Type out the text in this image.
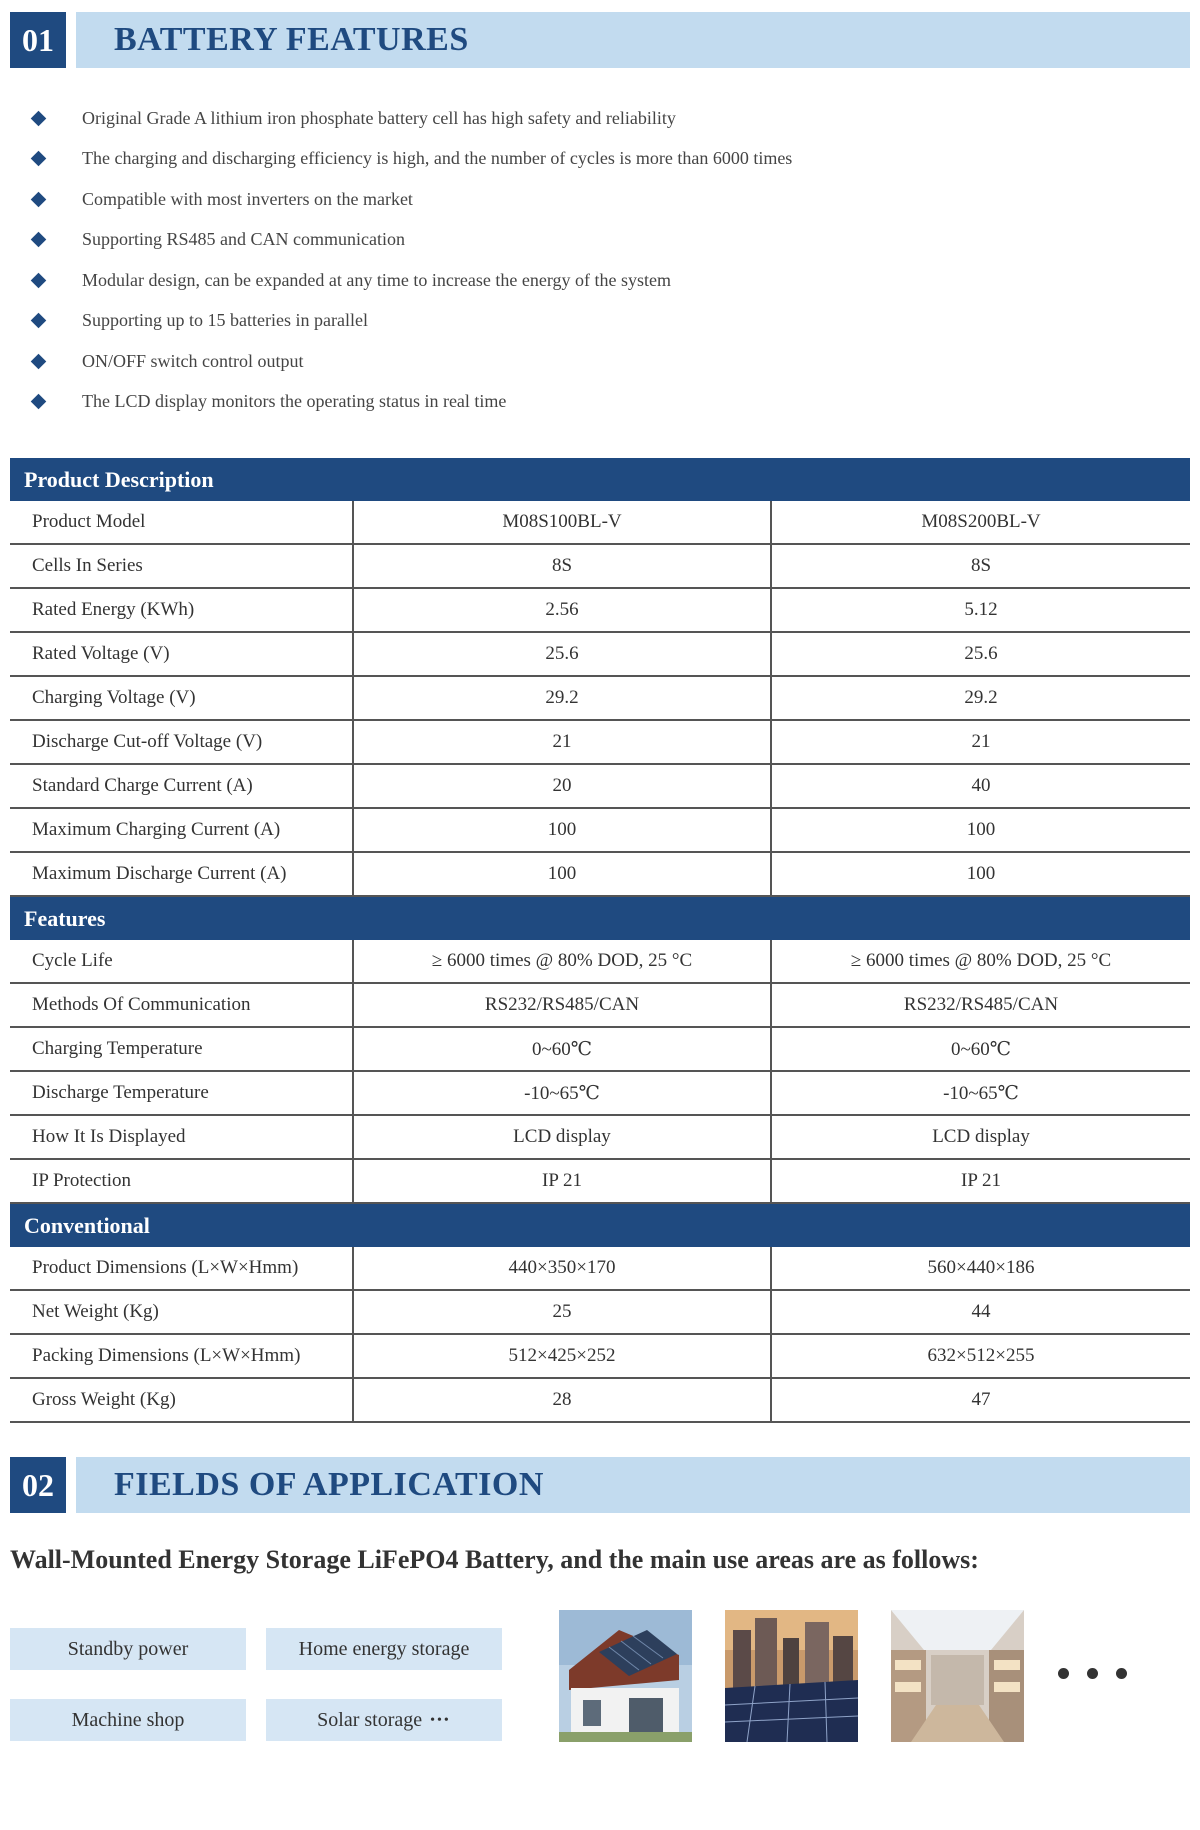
01	BATTERY FEATURES
Original Grade A lithium iron phosphate battery cell has high safety and reliability
The charging and discharging efficiency is high, and the number of cycles is more than 6000 times
Compatible with most inverters on the market
Supporting RS485 and CAN communication
Modular design, can be expanded at any time to increase the energy of the system
Supporting up to 15 batteries in parallel
ON/OFF switch control output
The LCD display monitors the operating status in real time
Product Description		
Product Model	M08S100BL-V	M08S200BL-V
Cells In Series	8S	8S
Rated Energy (KWh)	2.56	5.12
Rated Voltage (V)	25.6	25.6
Charging Voltage (V)	29.2	29.2
Discharge Cut-off Voltage (V)	21	21
Standard Charge Current (A)	20	40
Maximum Charging Current (A)	100	100
Maximum Discharge Current (A)	100	100
Features		
Cycle Life	≥ 6000 times @ 80% DOD, 25 °C	≥ 6000 times @ 80% DOD, 25 °C
Methods Of Communication	RS232/RS485/CAN	RS232/RS485/CAN
Charging Temperature	0~60℃	0~60℃
Discharge Temperature	-10~65℃	-10~65℃
How It Is Displayed	LCD display	LCD display
IP Protection	IP 21	IP 21
Conventional		
Product Dimensions (L×W×Hmm)	440×350×170	560×440×186
Net Weight (Kg)	25	44
Packing Dimensions (L×W×Hmm)	512×425×252	632×512×255
Gross Weight (Kg)	28	47
02	FIELDS OF APPLICATION
Wall-Mounted Energy Storage LiFePO4 Battery, and the main use areas are as follows:
Standby power	Home energy storage
Machine shop	Solar storage •••
